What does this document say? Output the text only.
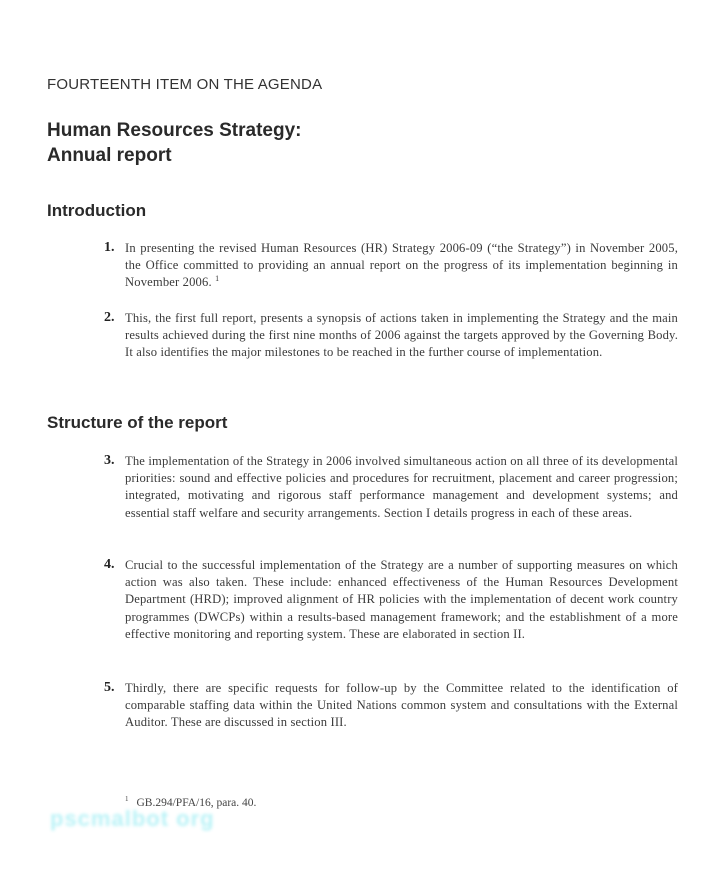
FOURTEENTH ITEM ON THE AGENDA
Human Resources Strategy:
Annual report
Introduction
1. In presenting the revised Human Resources (HR) Strategy 2006-09 (“the Strategy”) in November 2005, the Office committed to providing an annual report on the progress of its implementation beginning in November 2006. $^1$
2. This, the first full report, presents a synopsis of actions taken in implementing the Strategy and the main results achieved during the first nine months of 2006 against the targets approved by the Governing Body. It also identifies the major milestones to be reached in the further course of implementation.
Structure of the report
3. The implementation of the Strategy in 2006 involved simultaneous action on all three of its developmental priorities: sound and effective policies and procedures for recruitment, placement and career progression; integrated, motivating and rigorous staff performance management and development systems; and essential staff welfare and security arrangements. Section I details progress in each of these areas.
4. Crucial to the successful implementation of the Strategy are a number of supporting measures on which action was also taken. These include: enhanced effectiveness of the Human Resources Development Department (HRD); improved alignment of HR policies with the implementation of decent work country programmes (DWCPs) within a results-based management framework; and the establishment of a more effective monitoring and reporting system. These are elaborated in section II.
5. Thirdly, there are specific requests for follow-up by the Committee related to the identification of comparable staffing data within the United Nations common system and consultations with the External Auditor. These are discussed in section III.
$^1$ GB.294/PFA/16, para. 40.
pscmalbot org
